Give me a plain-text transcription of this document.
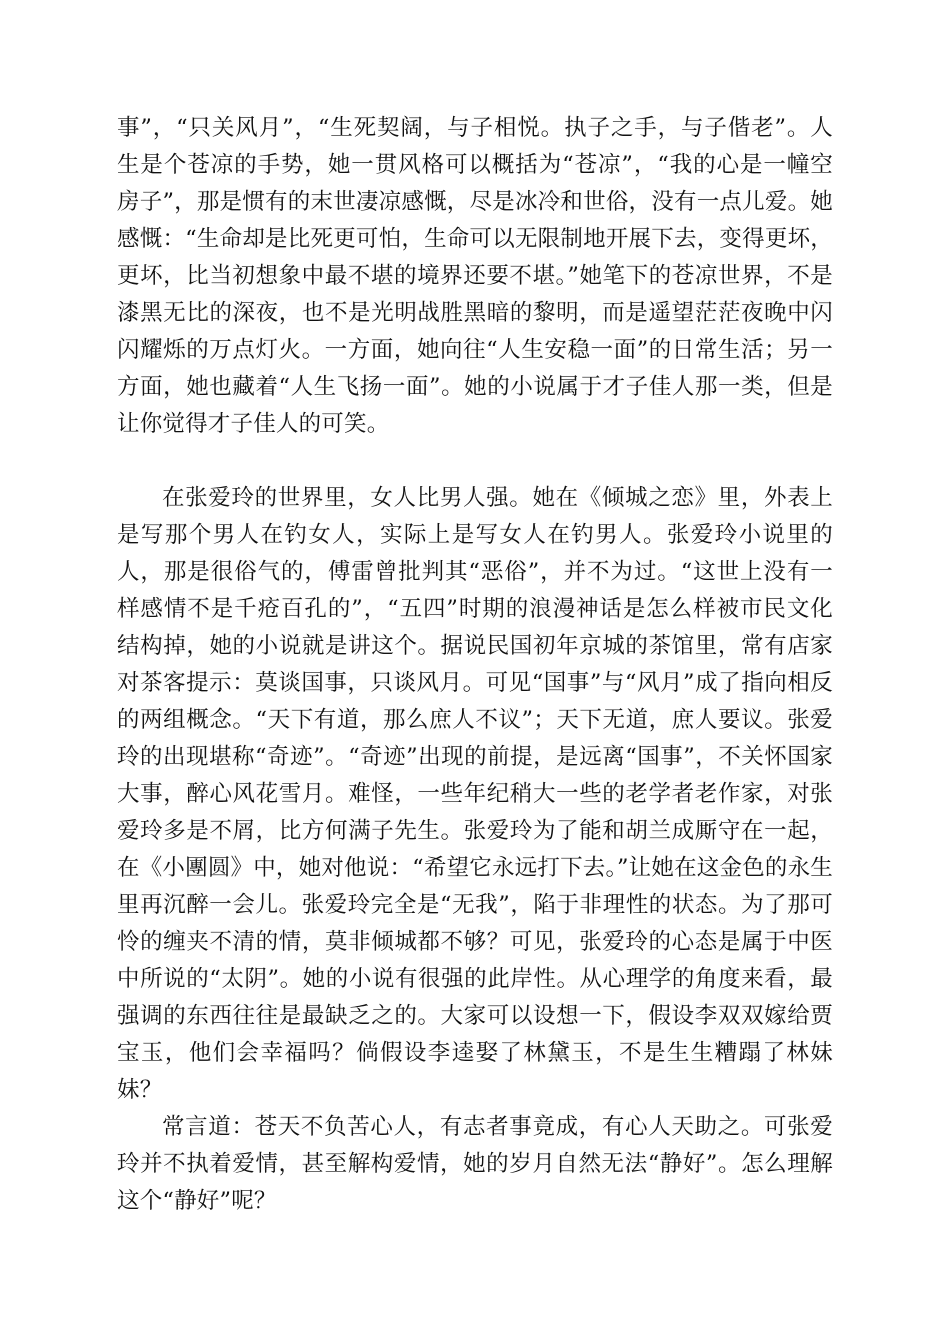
事”，“只关风月”，“生死契阔，与子相悦。执子之手，与子偕老”。人生是个苍凉的手势，她一贯风格可以概括为“苍凉”，“我的心是一幢空房子”，那是惯有的末世凄凉感慨，尽是冰冷和世俗，没有一点儿爱。她感慨：“生命却是比死更可怕，生命可以无限制地开展下去，变得更坏，更坏，比当初想象中最不堪的境界还要不堪。”她笔下的苍凉世界，不是漆黑无比的深夜，也不是光明战胜黑暗的黎明，而是遥望茫茫夜晚中闪闪耀烁的万点灯火。一方面，她向往“人生安稳一面”的日常生活；另一方面，她也藏着“人生飞扬一面”。她的小说属于才子佳人那一类，但是让你觉得才子佳人的可笑。

在张爱玲的世界里，女人比男人强。她在《倾城之恋》里，外表上是写那个男人在钓女人，实际上是写女人在钓男人。张爱玲小说里的人，那是很俗气的，傅雷曾批判其“恶俗”，并不为过。“这世上没有一样感情不是千疮百孔的”，“五四”时期的浪漫神话是怎么样被市民文化结构掉，她的小说就是讲这个。据说民国初年京城的茶馆里，常有店家对茶客提示：莫谈国事，只谈风月。可见“国事”与“风月”成了指向相反的两组概念。“天下有道，那么庶人不议”；天下无道，庶人要议。张爱玲的出现堪称“奇迹”。“奇迹”出现的前提，是远离“国事”，不关怀国家大事，醉心风花雪月。难怪，一些年纪稍大一些的老学者老作家，对张爱玲多是不屑，比方何满子先生。张爱玲为了能和胡兰成厮守在一起，在《小團圆》中，她对他说：“希望它永远打下去。”让她在这金色的永生里再沉醉一会儿。张爱玲完全是“无我”，陷于非理性的状态。为了那可怜的缠夹不清的情，莫非倾城都不够？可见，张爱玲的心态是属于中医中所说的“太阴”。她的小说有很强的此岸性。从心理学的角度来看，最强调的东西往往是最缺乏之的。大家可以设想一下，假设李双双嫁给贾宝玉，他们会幸福吗？倘假设李逵娶了林黛玉，不是生生糟蹋了林妹妹？

常言道：苍天不负苦心人，有志者事竟成，有心人天助之。可张爱玲并不执着爱情，甚至解构爱情，她的岁月自然无法“静好”。怎么理解这个“静好”呢？
